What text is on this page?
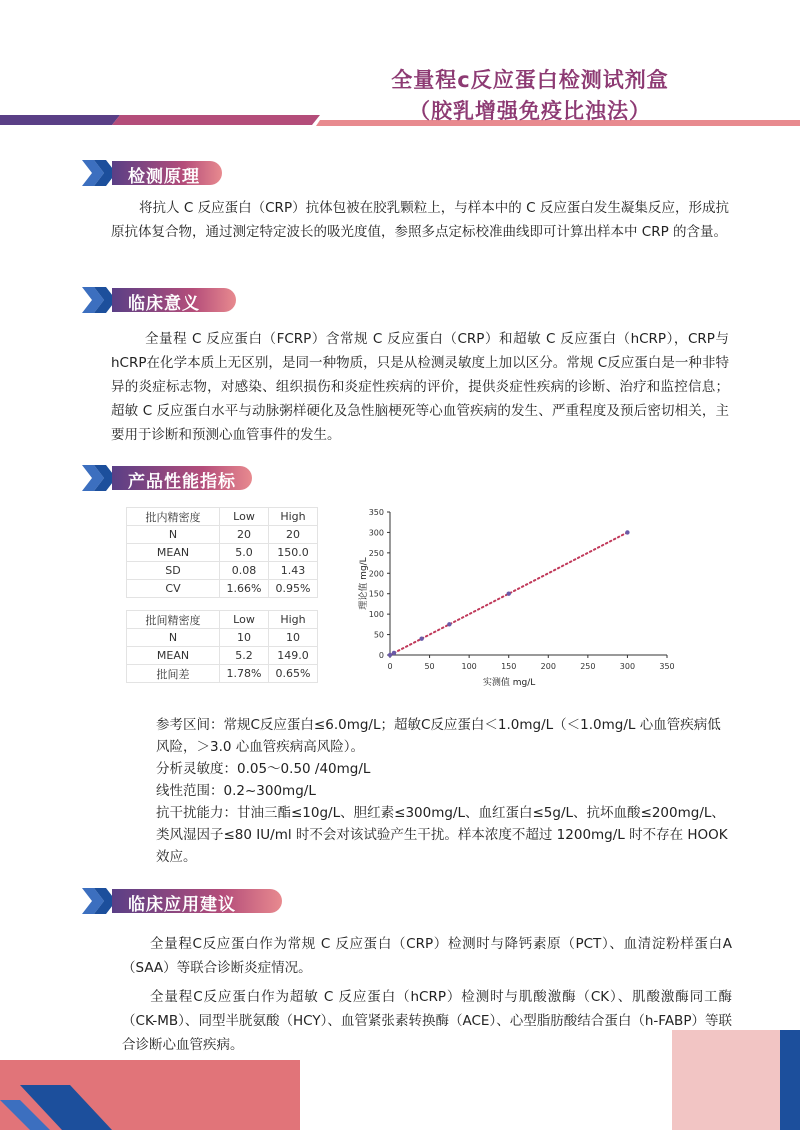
全量程c反应蛋白检测试剂盒
（胶乳增强免疫比浊法）
检测原理
将抗人 C 反应蛋白（CRP）抗体包被在胶乳颗粒上，与样本中的 C 反应蛋白发生凝集反应，形成抗原抗体复合物，通过测定特定波长的吸光度值，参照多点定标校准曲线即可计算出样本中 CRP 的含量。
临床意义
全量程 C 反应蛋白（FCRP）含常规 C 反应蛋白（CRP）和超敏 C 反应蛋白（hCRP），CRP与hCRP在化学本质上无区别，是同一种物质，只是从检测灵敏度上加以区分。常规 C反应蛋白是一种非特异的炎症标志物，对感染、组织损伤和炎症性疾病的评价，提供炎症性疾病的诊断、治疗和监控信息；超敏 C 反应蛋白水平与动脉粥样硬化及急性脑梗死等心血管疾病的发生、严重程度及预后密切相关，主要用于诊断和预测心血管事件的发生。
产品性能指标
批内精密度	Low	High
N	20	20
MEAN	5.0	150.0
SD	0.08	1.43
CV	1.66%	0.95%
批间精密度	Low	High
N	10	10
MEAN	5.2	149.0
批间差	1.78%	0.65%
0	50	100	150	200	250	300	350
0
50
100
150
200
250
300
350
实测值 mg/L
理论值 mg/L

参考区间：常规C反应蛋白≤6.0mg/L；超敏C反应蛋白＜1.0mg/L（＜1.0mg/L 心血管疾病低风险，＞3.0 心血管疾病高风险）。

分析灵敏度：0.05～0.50 /40mg/L

线性范围：0.2~300mg/L

抗干扰能力：甘油三酯≤10g/L、胆红素≤300mg/L、血红蛋白≤5g/L、抗坏血酸≤200mg/L、类风湿因子≤80 IU/ml 时不会对该试验产生干扰。样本浓度不超过 1200mg/L 时不存在 HOOK 效应。

临床应用建议
全量程C反应蛋白作为常规 C 反应蛋白（CRP）检测时与降钙素原（PCT）、血清淀粉样蛋白A（SAA）等联合诊断炎症情况。
全量程C反应蛋白作为超敏 C 反应蛋白（hCRP）检测时与肌酸激酶（CK）、肌酸激酶同工酶（CK-MB）、同型半胱氨酸（HCY）、血管紧张素转换酶（ACE）、心型脂肪酸结合蛋白（h-FABP）等联合诊断心血管疾病。
